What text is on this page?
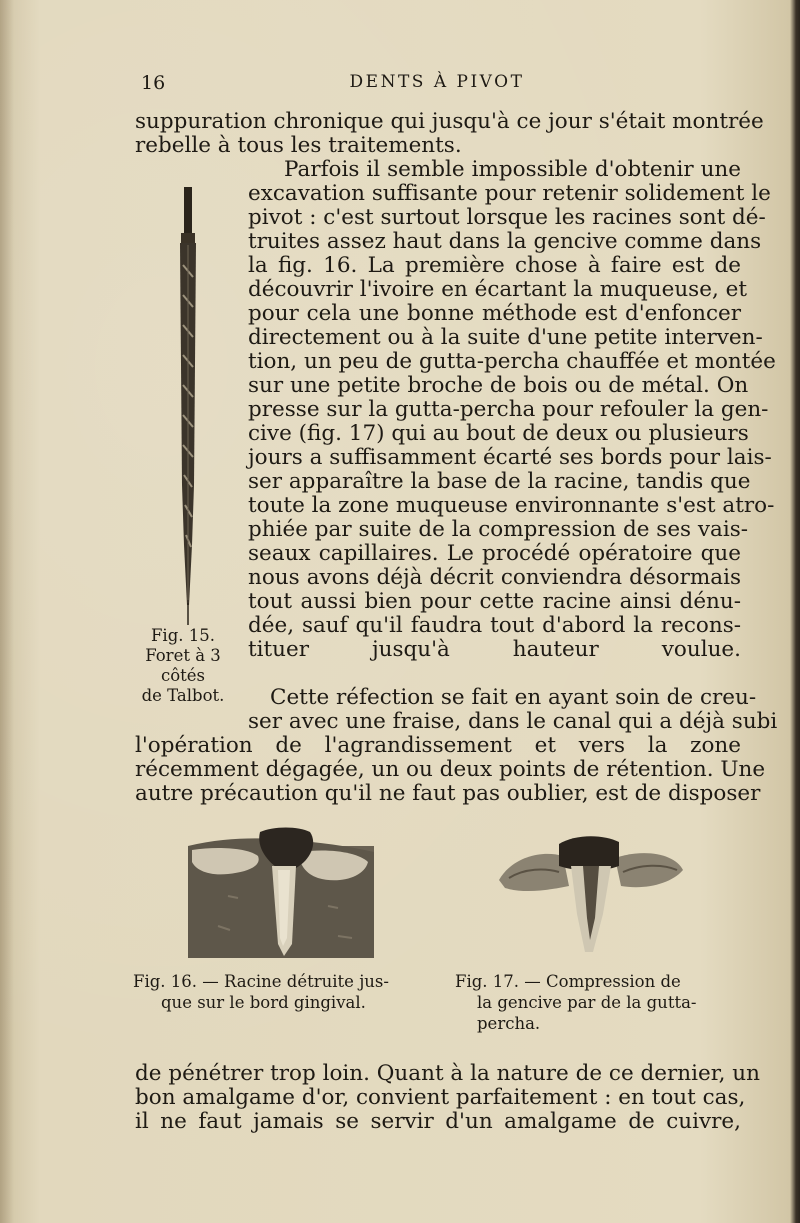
16	DENTS À PIVOT
suppuration chronique qui jusqu'à ce jour s'était montrée
rebelle à tous les traitements.
Parfois il semble impossible d'obtenir une
excavation suffisante pour retenir solidement le
pivot : c'est surtout lorsque les racines sont dé-
truites assez haut dans la gencive comme dans
la fig. 16. La première chose à faire est de
découvrir l'ivoire en écartant la muqueuse, et
pour cela une bonne méthode est d'enfoncer
directement ou à la suite d'une petite interven-
tion, un peu de gutta-percha chauffée et montée
sur une petite broche de bois ou de métal. On
presse sur la gutta-percha pour refouler la gen-
cive (fig. 17) qui au bout de deux ou plusieurs
jours a suffisamment écarté ses bords pour lais-
ser apparaître la base de la racine, tandis que
toute la zone muqueuse environnante s'est atro-
phiée par suite de la compression de ses vais-
seaux capillaires. Le procédé opératoire que
nous avons déjà décrit conviendra désormais
tout aussi bien pour cette racine ainsi dénu-
dée, sauf qu'il faudra tout d'abord la recons-
tituer jusqu'à hauteur voulue.
Cette réfection se fait en ayant soin de creu-
ser avec une fraise, dans le canal qui a déjà subi
l'opération de l'agrandissement et vers la zone
récemment dégagée, un ou deux points de rétention. Une
autre précaution qu'il ne faut pas oublier, est de disposer
de pénétrer trop loin. Quant à la nature de ce dernier, un
bon amalgame d'or, convient parfaitement : en tout cas,
il ne faut jamais se servir d'un amalgame de cuivre,
Fig. 15.
Foret à 3
côtés
de Talbot.
Fig. 16. — Racine détruite jus-
que sur le bord gingival.
Fig. 17. — Compression de
la gencive par de la gutta-
percha.
